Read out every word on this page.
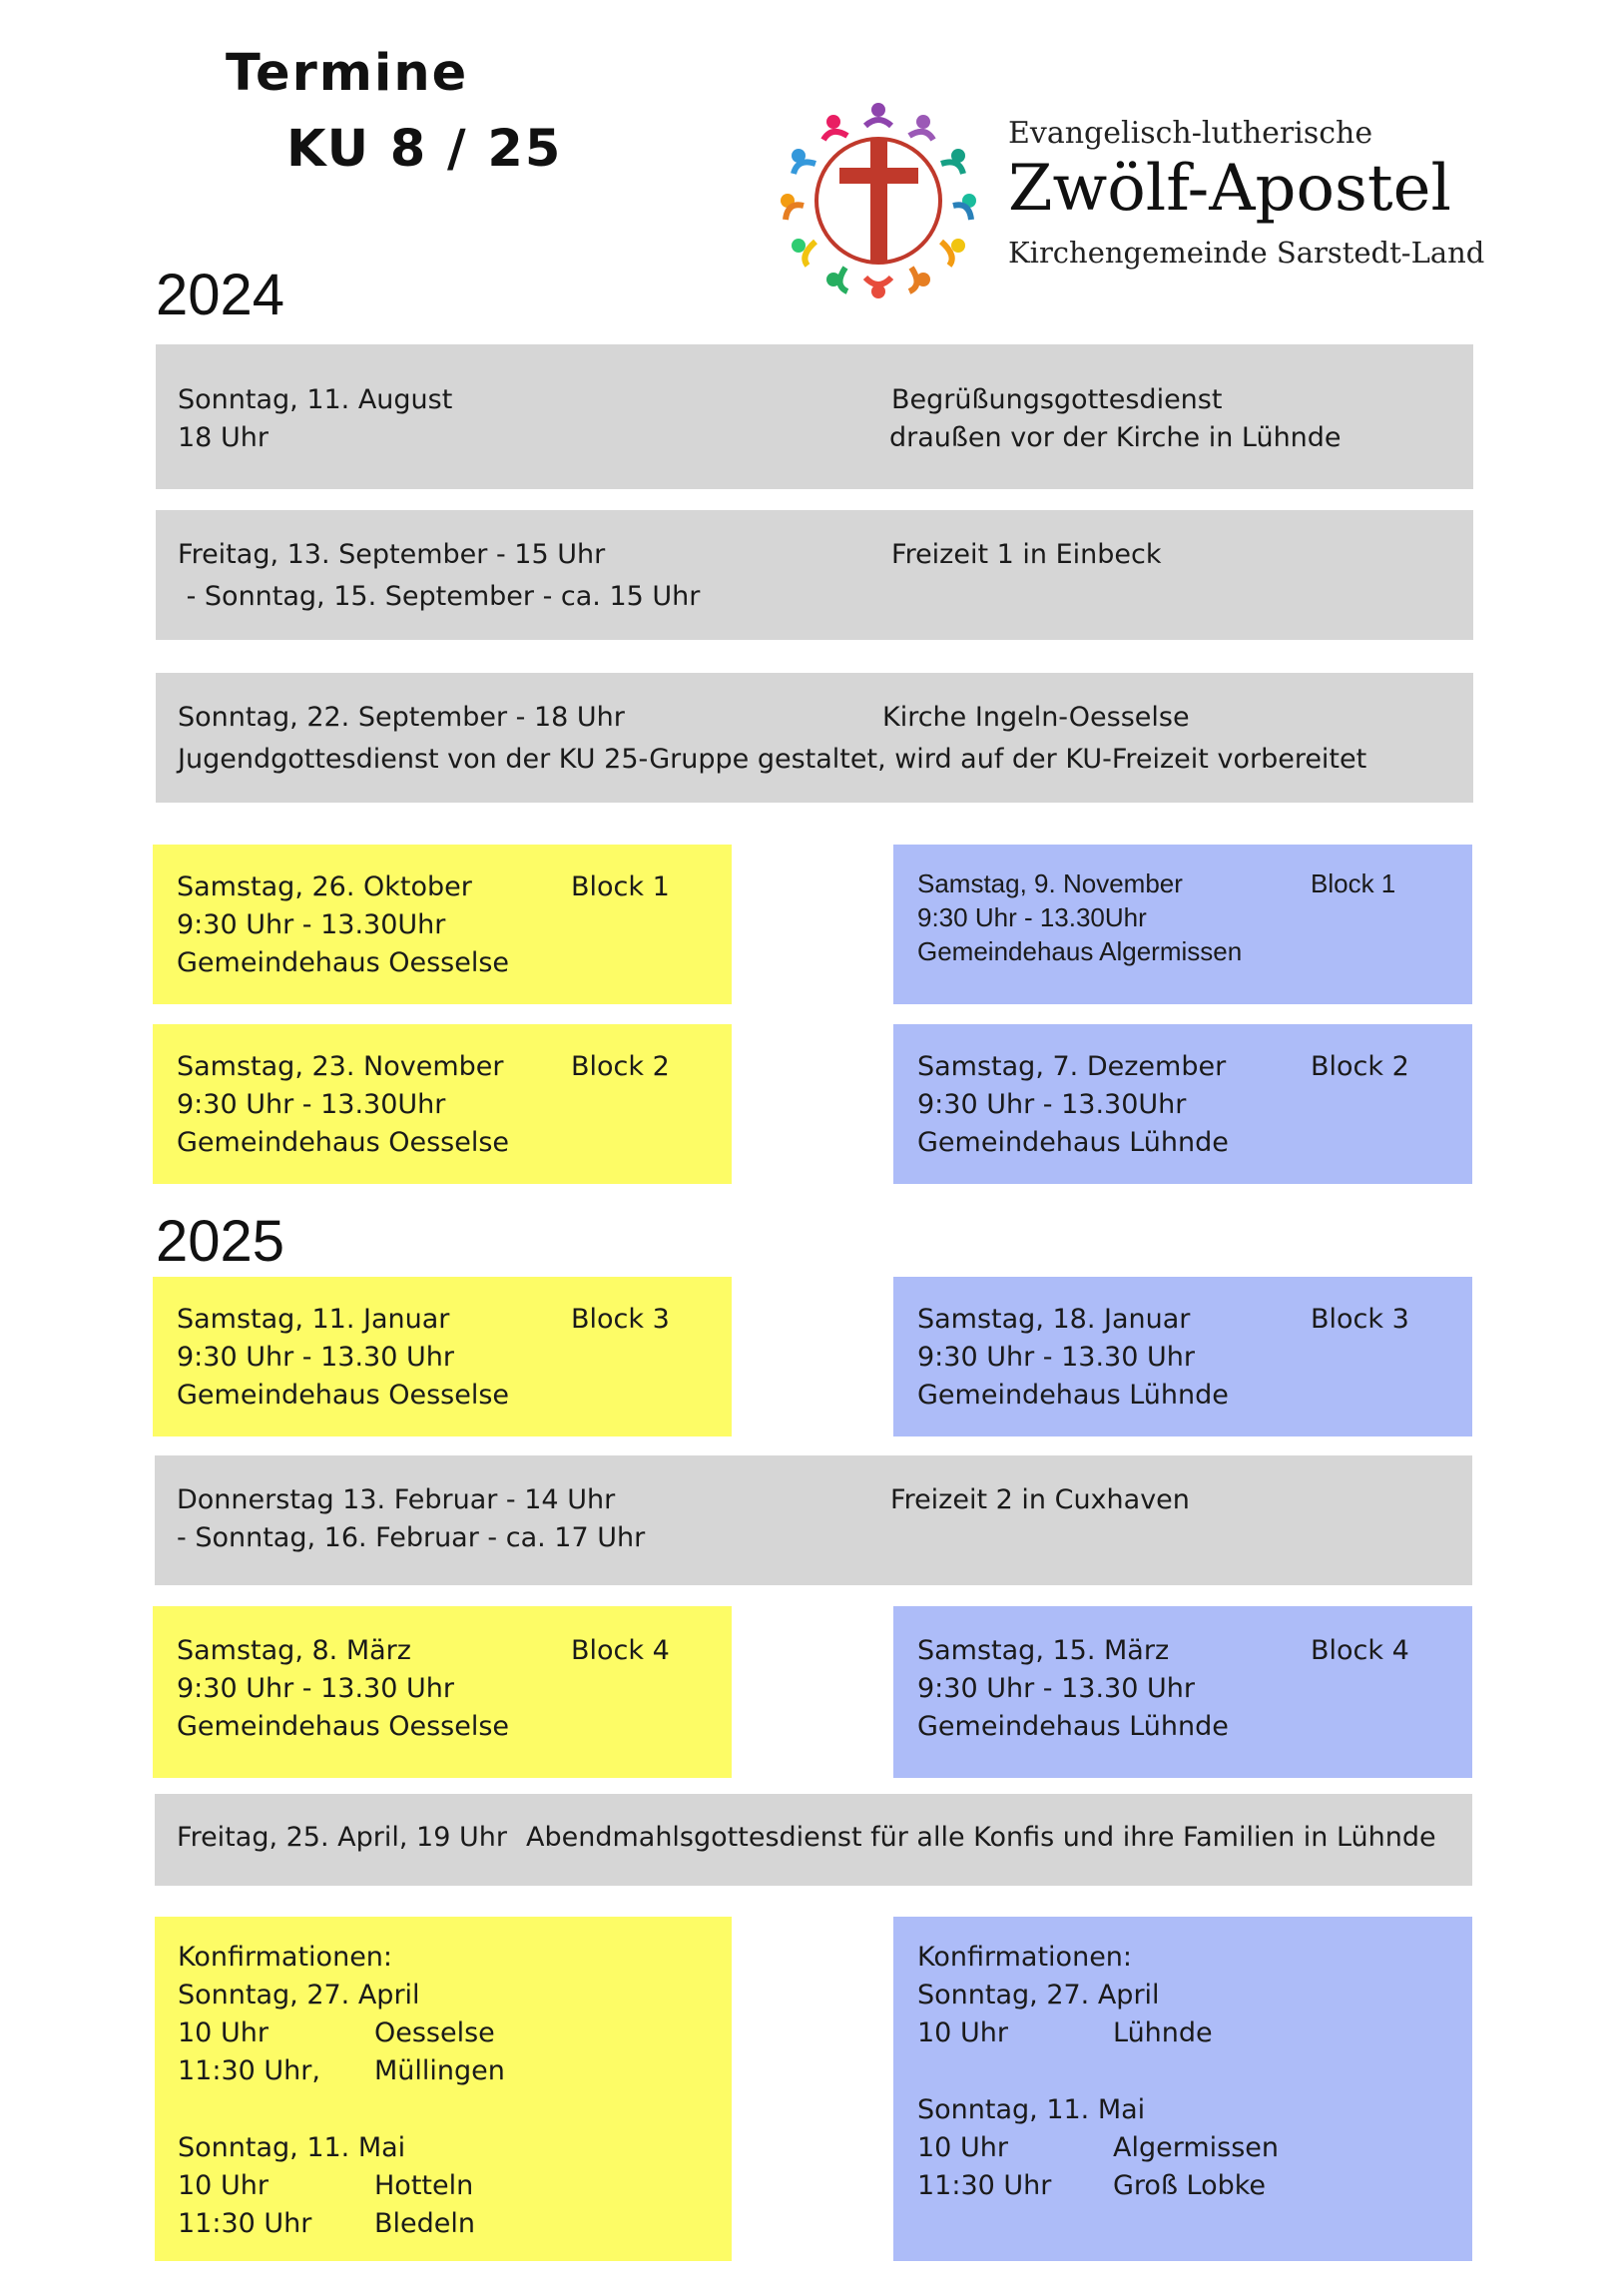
Termine
KU 8 / 25	Evangelisch-lutherische
Zwölf-Apostel
Kirchengemeinde Sarstedt-Land
2024
Sonntag, 11. August
18 Uhr
Begrüßungsgottesdienst
draußen vor der Kirche in Lühnde
Freitag, 13. September - 15 Uhr
- Sonntag, 15. September - ca. 15 Uhr
Freizeit 1 in Einbeck
Sonntag, 22. September - 18 Uhr	Kirche Ingeln-Oesselse
Jugendgottesdienst von der KU 25-Gruppe gestaltet, wird auf der KU-Freizeit vorbereitet
Samstag, 26. Oktober	Block 1
9:30 Uhr - 13.30Uhr
Gemeindehaus Oesselse
Samstag, 9. November	Block 1
9:30 Uhr - 13.30Uhr
Gemeindehaus Algermissen
Samstag, 23. November	Block 2
9:30 Uhr - 13.30Uhr
Gemeindehaus Oesselse
Samstag, 7. Dezember	Block 2
9:30 Uhr - 13.30Uhr
Gemeindehaus Lühnde
2025
Samstag, 11. Januar	Block 3
9:30 Uhr - 13.30 Uhr
Gemeindehaus Oesselse
Samstag, 18. Januar	Block 3
9:30 Uhr - 13.30 Uhr
Gemeindehaus Lühnde
Donnerstag 13. Februar - 14 Uhr
- Sonntag, 16. Februar - ca. 17 Uhr
Freizeit 2 in Cuxhaven
Samstag, 8. März	Block 4
9:30 Uhr - 13.30 Uhr
Gemeindehaus Oesselse
Samstag, 15. März	Block 4
9:30 Uhr - 13.30 Uhr
Gemeindehaus Lühnde
Freitag, 25. April, 19 Uhr Abendmahlsgottesdienst für alle Konfis und ihre Familien in Lühnde
Konfirmationen:
Sonntag, 27. April
10 Uhr	Oesselse
11:30 Uhr, Müllingen
Sonntag, 11. Mai
10 Uhr	Hotteln
11:30 Uhr Bledeln
Konfirmationen:
Sonntag, 27. April
10 Uhr	Lühnde
Sonntag, 11. Mai
10 Uhr	Algermissen
11:30 Uhr Groß Lobke
